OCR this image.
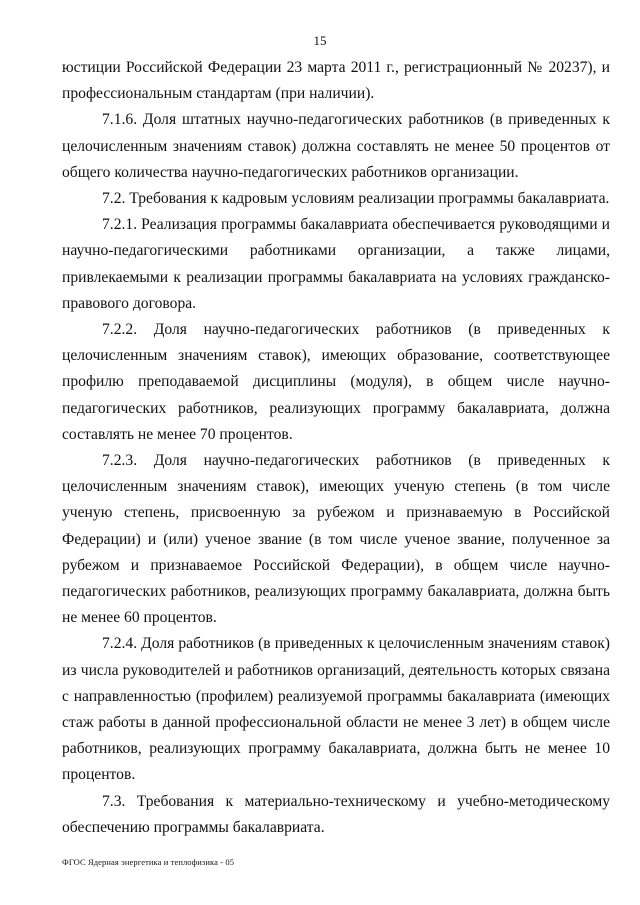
15

юстиции Российской Федерации 23 марта 2011 г., регистрационный № 20237), и профессиональным стандартам (при наличии).

7.1.6. Доля штатных научно-педагогических работников (в приведенных к целочисленным значениям ставок) должна составлять не менее 50 процентов от общего количества научно-педагогических работников организации.

7.2. Требования к кадровым условиям реализации программы бакалавриата.

7.2.1. Реализация программы бакалавриата обеспечивается руководящими и научно-педагогическими работниками организации, а также лицами, привлекаемыми к реализации программы бакалавриата на условиях гражданско-правового договора.

7.2.2. Доля научно-педагогических работников (в приведенных к целочисленным значениям ставок), имеющих образование, соответствующее профилю преподаваемой дисциплины (модуля), в общем числе научно-педагогических работников, реализующих программу бакалавриата, должна составлять не менее 70 процентов.

7.2.3. Доля научно-педагогических работников (в приведенных к целочисленным значениям ставок), имеющих ученую степень (в том числе ученую степень, присвоенную за рубежом и признаваемую в Российской Федерации) и (или) ученое звание (в том числе ученое звание, полученное за рубежом и признаваемое Российской Федерации), в общем числе научно-педагогических работников, реализующих программу бакалавриата, должна быть не менее 60 процентов.

7.2.4. Доля работников (в приведенных к целочисленным значениям ставок) из числа руководителей и работников организаций, деятельность которых связана с направленностью (профилем) реализуемой программы бакалавриата (имеющих стаж работы в данной профессиональной области не менее 3 лет) в общем числе работников, реализующих программу бакалавриата, должна быть не менее 10 процентов.

7.3. Требования к материально-техническому и учебно-методическому обеспечению программы бакалавриата.

ФГОС Ядерная энергетика и теплофизика - 05
